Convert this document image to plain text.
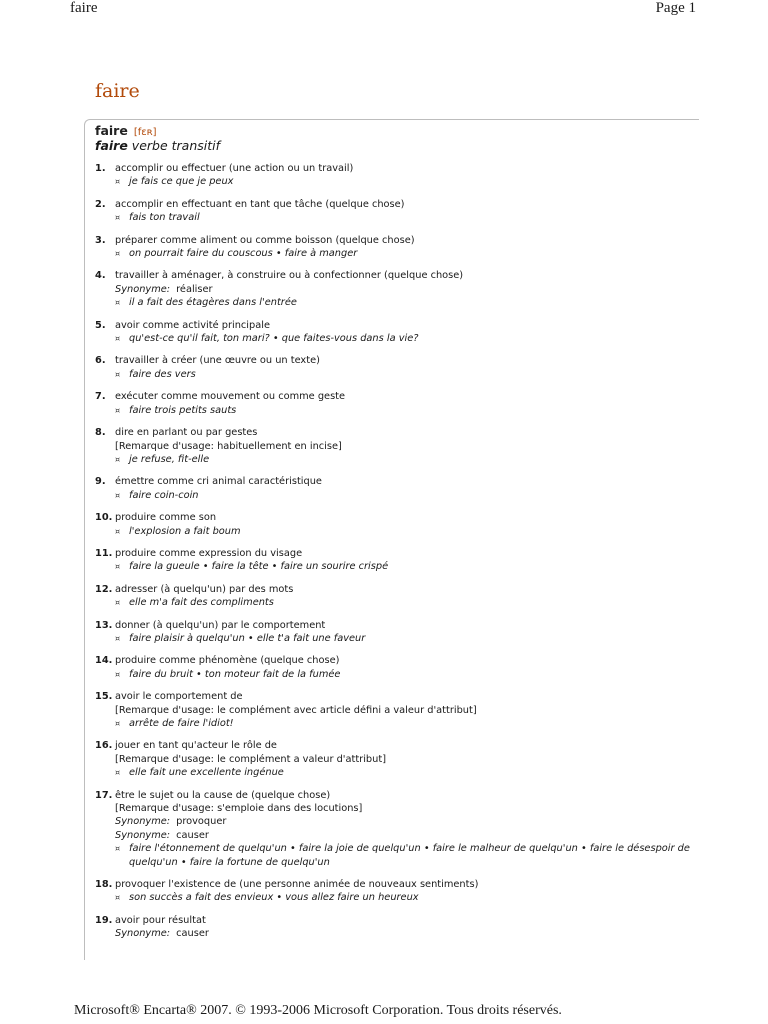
faire	Page 1
faire
faire [fɛʀ]
faire verbe transitif
1. accomplir ou effectuer (une action ou un travail)
¤ je fais ce que je peux
2. accomplir en effectuant en tant que tâche (quelque chose)
¤ fais ton travail
3. préparer comme aliment ou comme boisson (quelque chose)
¤ on pourrait faire du couscous • faire à manger
4. travailler à aménager, à construire ou à confectionner (quelque chose)
Synonyme: réaliser
¤ il a fait des étagères dans l'entrée
5. avoir comme activité principale
¤ qu'est-ce qu'il fait, ton mari? • que faites-vous dans la vie?
6. travailler à créer (une œuvre ou un texte)
¤ faire des vers
7. exécuter comme mouvement ou comme geste
¤ faire trois petits sauts
8. dire en parlant ou par gestes
[Remarque d'usage: habituellement en incise]
¤ je refuse, fit-elle
9. émettre comme cri animal caractéristique
¤ faire coin-coin
10. produire comme son
¤ l'explosion a fait boum
11. produire comme expression du visage
¤ faire la gueule • faire la tête • faire un sourire crispé
12. adresser (à quelqu'un) par des mots
¤ elle m'a fait des compliments
13. donner (à quelqu'un) par le comportement
¤ faire plaisir à quelqu'un • elle t'a fait une faveur
14. produire comme phénomène (quelque chose)
¤ faire du bruit • ton moteur fait de la fumée
15. avoir le comportement de
[Remarque d'usage: le complément avec article défini a valeur d'attribut]
¤ arrête de faire l'idiot!
16. jouer en tant qu'acteur le rôle de
[Remarque d'usage: le complément a valeur d'attribut]
¤ elle fait une excellente ingénue
17. être le sujet ou la cause de (quelque chose)
[Remarque d'usage: s'emploie dans des locutions]
Synonyme: provoquer
Synonyme: causer
¤ faire l'étonnement de quelqu'un • faire la joie de quelqu'un • faire le malheur de quelqu'un • faire le désespoir de quelqu'un • faire la fortune de quelqu'un
18. provoquer l'existence de (une personne animée de nouveaux sentiments)
¤ son succès a fait des envieux • vous allez faire un heureux
19. avoir pour résultat
Synonyme: causer
Microsoft® Encarta® 2007. © 1993-2006 Microsoft Corporation. Tous droits réservés.
